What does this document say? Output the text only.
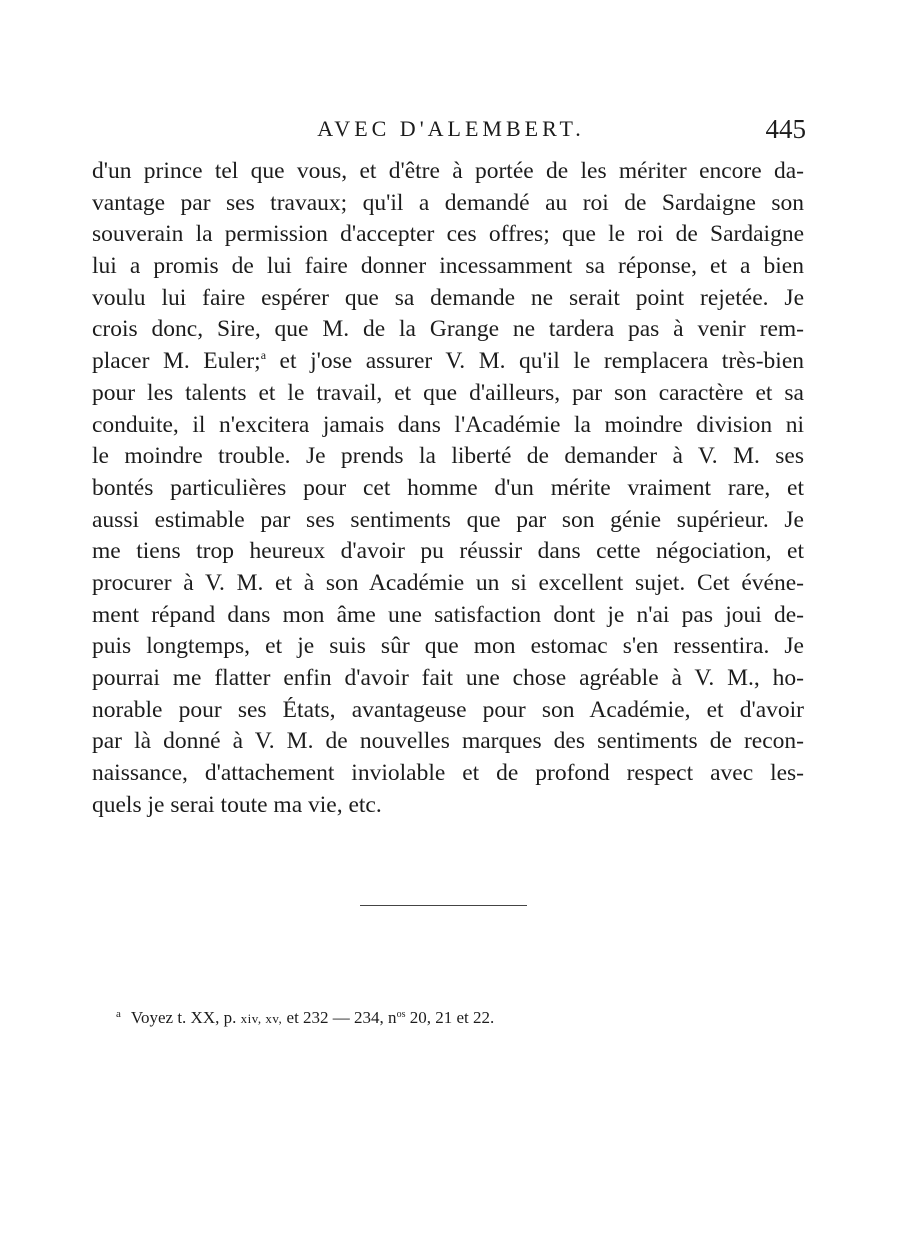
AVEC D'ALEMBERT.	445
d'un prince tel que vous, et d'être à portée de les mériter encore da-
vantage par ses travaux; qu'il a demandé au roi de Sardaigne son
souverain la permission d'accepter ces offres; que le roi de Sardaigne
lui a promis de lui faire donner incessamment sa réponse, et a bien
voulu lui faire espérer que sa demande ne serait point rejetée. Je
crois donc, Sire, que M. de la Grange ne tardera pas à venir rem-
placer M. Euler;$^a$ et j'ose assurer V. M. qu'il le remplacera très-bien
pour les talents et le travail, et que d'ailleurs, par son caractère et sa
conduite, il n'excitera jamais dans l'Académie la moindre division ni
le moindre trouble. Je prends la liberté de demander à V. M. ses
bontés particulières pour cet homme d'un mérite vraiment rare, et
aussi estimable par ses sentiments que par son génie supérieur. Je
me tiens trop heureux d'avoir pu réussir dans cette négociation, et
procurer à V. M. et à son Académie un si excellent sujet. Cet événe-
ment répand dans mon âme une satisfaction dont je n'ai pas joui de-
puis longtemps, et je suis sûr que mon estomac s'en ressentira. Je
pourrai me flatter enfin d'avoir fait une chose agréable à V. M., ho-
norable pour ses États, avantageuse pour son Académie, et d'avoir
par là donné à V. M. de nouvelles marques des sentiments de recon-
naissance, d'attachement inviolable et de profond respect avec les-
quels je serai toute ma vie, etc.
$^a$ Voyez t. XX, p. xiv, xv, et 232 — 234, $n^{os}$ 20, 21 et 22.
